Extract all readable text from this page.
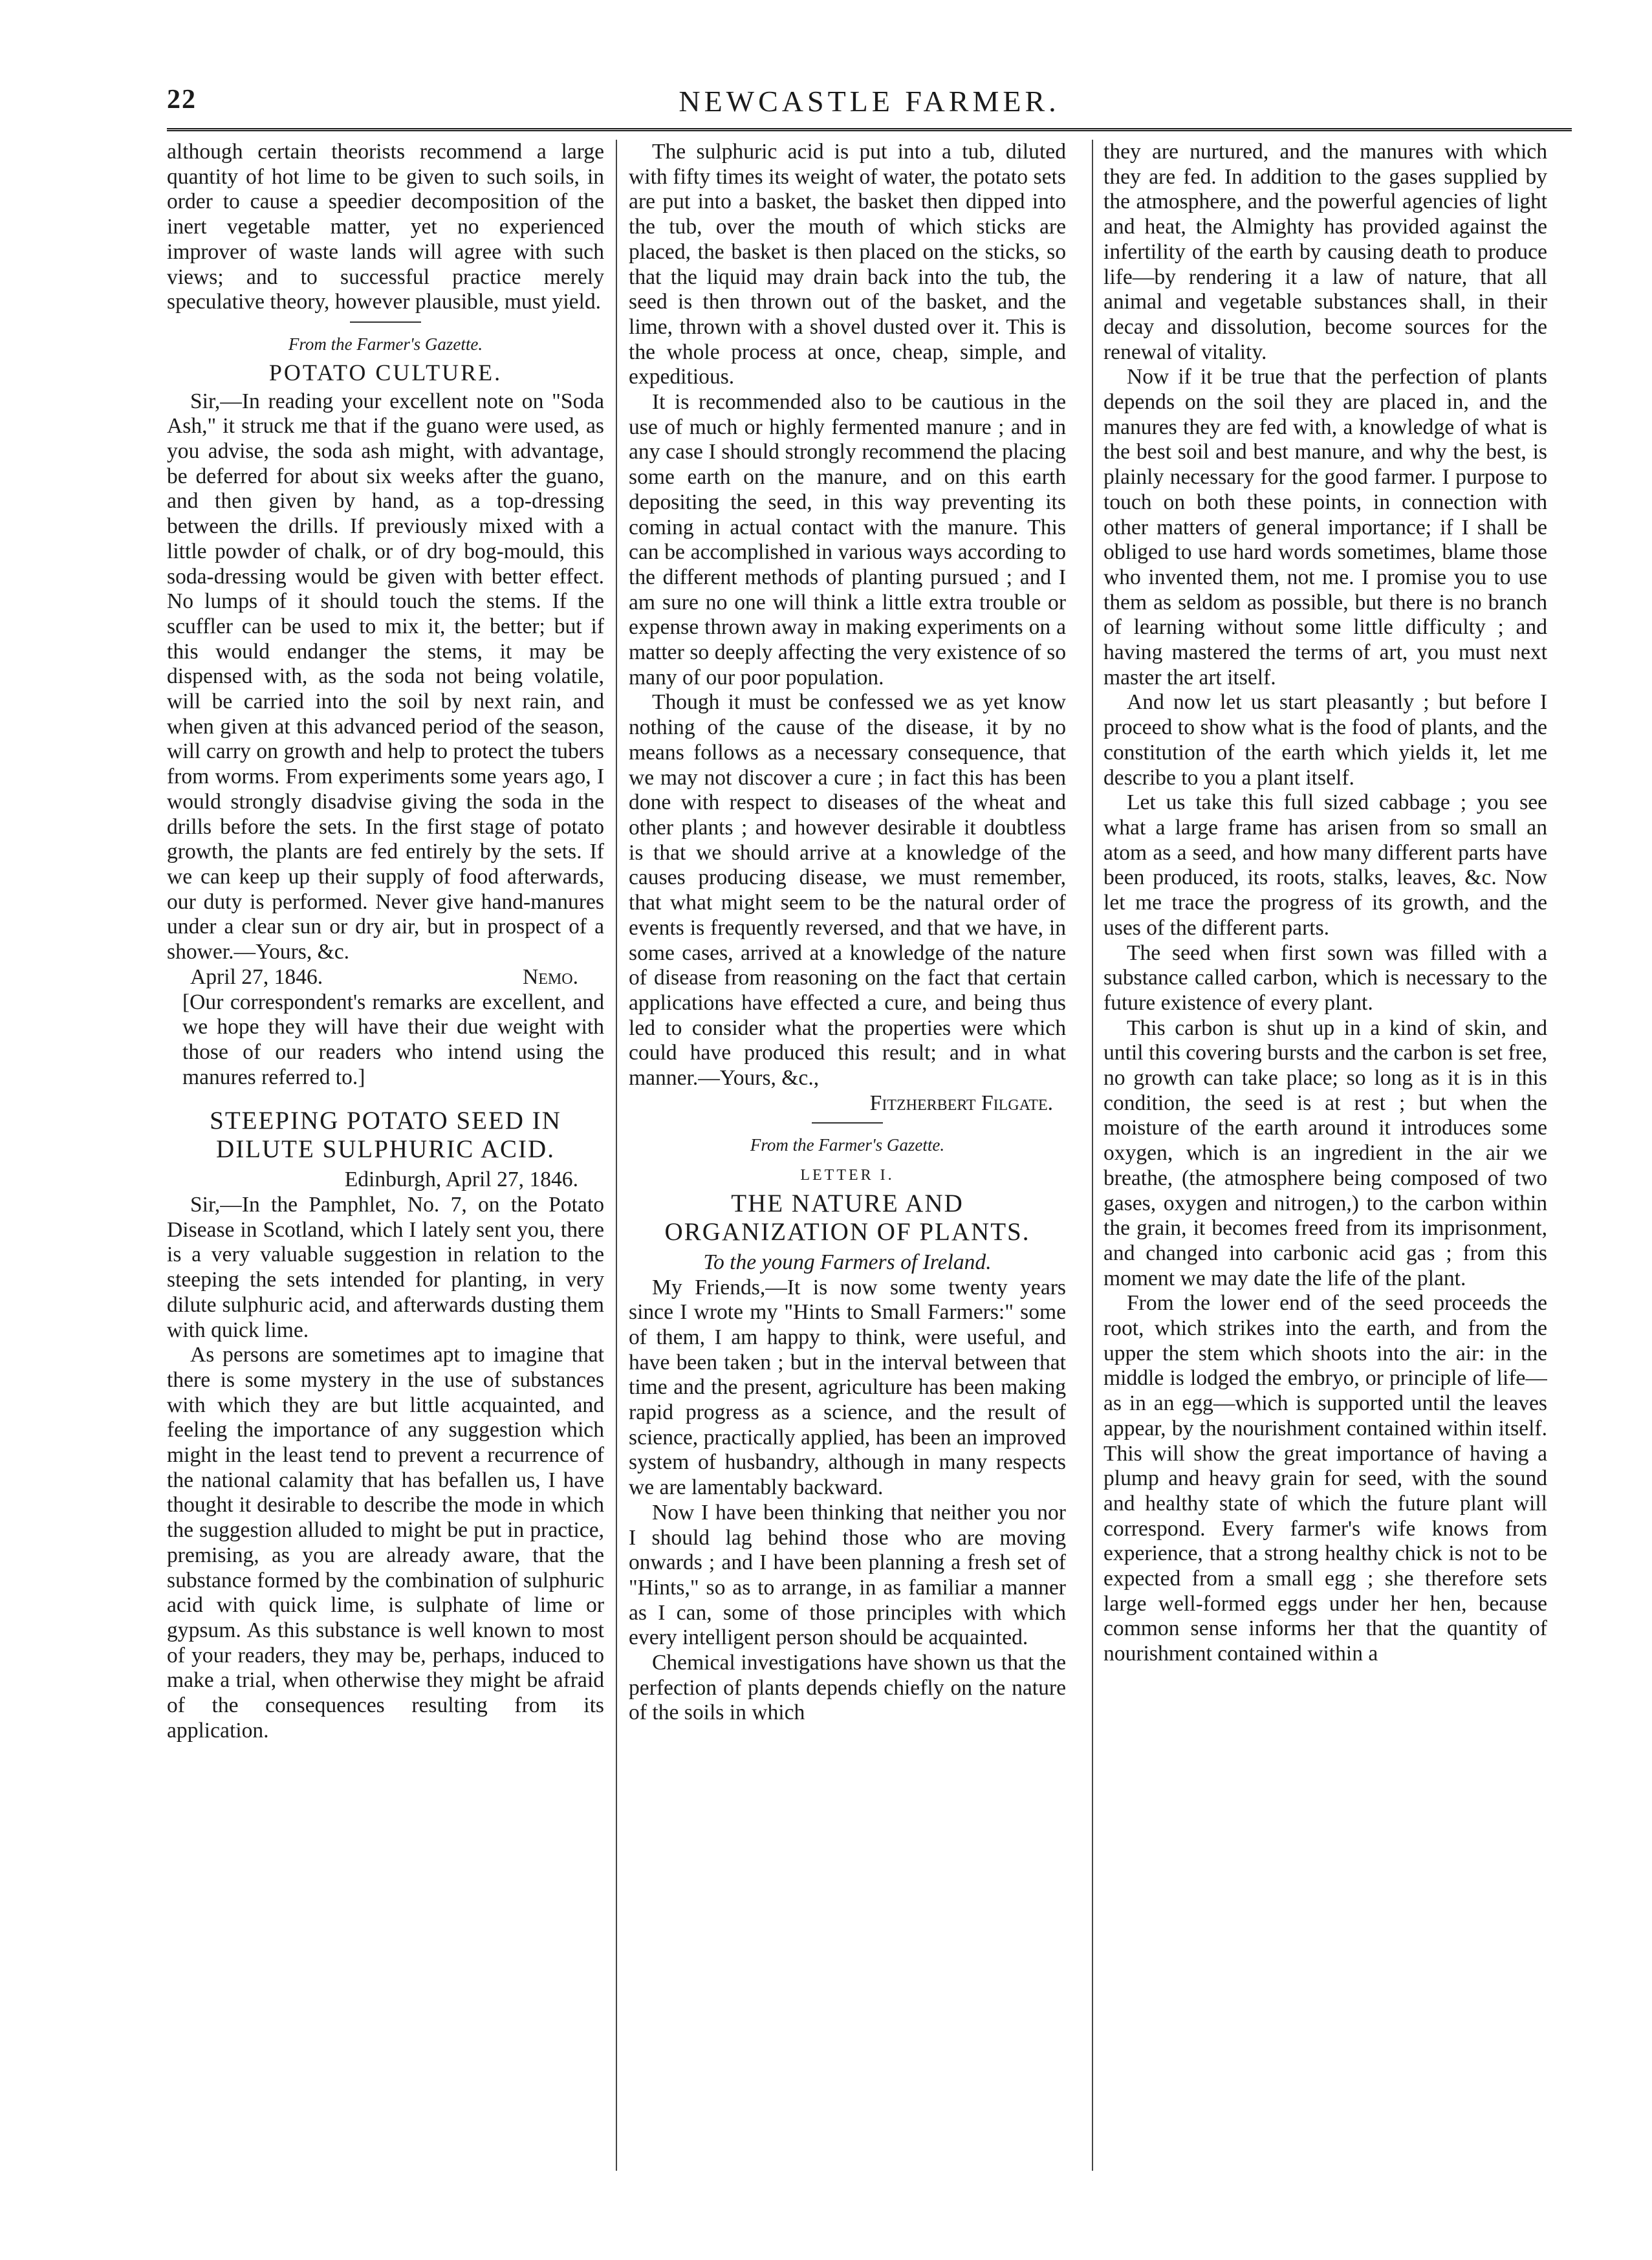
22	NEWCASTLE FARMER.

although certain theorists recommend a large quantity of hot lime to be given to such soils, in order to cause a speedier decomposition of the inert vegetable matter, yet no experienced improver of waste lands will agree with such views; and to successful practice merely speculative theory, however plausible, must yield.

From the Farmer's Gazette.

POTATO CULTURE.

Sir,—In reading your excellent note on "Soda Ash," it struck me that if the guano were used, as you advise, the soda ash might, with advantage, be deferred for about six weeks after the guano, and then given by hand, as a top-dressing between the drills. If previously mixed with a little powder of chalk, or of dry bog-mould, this soda-dressing would be given with better effect. No lumps of it should touch the stems. If the scuffler can be used to mix it, the better; but if this would endanger the stems, it may be dispensed with, as the soda not being volatile, will be carried into the soil by next rain, and when given at this advanced period of the season, will carry on growth and help to protect the tubers from worms. From experiments some years ago, I would strongly disadvise giving the soda in the drills before the sets. In the first stage of potato growth, the plants are fed entirely by the sets. If we can keep up their supply of food afterwards, our duty is performed. Never give hand-manures under a clear sun or dry air, but in prospect of a shower.—Yours, &c.

April 27, 1846.	Nemo.

[Our correspondent's remarks are excellent, and we hope they will have their due weight with those of our readers who intend using the manures referred to.]

STEEPING POTATO SEED IN DILUTE SULPHURIC ACID.

Edinburgh, April 27, 1846.

Sir,—In the Pamphlet, No. 7, on the Potato Disease in Scotland, which I lately sent you, there is a very valuable suggestion in relation to the steeping the sets intended for planting, in very dilute sulphuric acid, and afterwards dusting them with quick lime.

As persons are sometimes apt to imagine that there is some mystery in the use of substances with which they are but little acquainted, and feeling the importance of any suggestion which might in the least tend to prevent a recurrence of the national calamity that has befallen us, I have thought it desirable to describe the mode in which the suggestion alluded to might be put in practice, premising, as you are already aware, that the substance formed by the combination of sulphuric acid with quick lime, is sulphate of lime or gypsum. As this substance is well known to most of your readers, they may be, perhaps, induced to make a trial, when otherwise they might be afraid of the consequences resulting from its application.

The sulphuric acid is put into a tub, diluted with fifty times its weight of water, the potato sets are put into a basket, the basket then dipped into the tub, over the mouth of which sticks are placed, the basket is then placed on the sticks, so that the liquid may drain back into the tub, the seed is then thrown out of the basket, and the lime, thrown with a shovel dusted over it. This is the whole process at once, cheap, simple, and expeditious.

It is recommended also to be cautious in the use of much or highly fermented manure ; and in any case I should strongly recommend the placing some earth on the manure, and on this earth depositing the seed, in this way preventing its coming in actual contact with the manure. This can be accomplished in various ways according to the different methods of planting pursued ; and I am sure no one will think a little extra trouble or expense thrown away in making experiments on a matter so deeply affecting the very existence of so many of our poor population.

Though it must be confessed we as yet know nothing of the cause of the disease, it by no means follows as a necessary consequence, that we may not discover a cure ; in fact this has been done with respect to diseases of the wheat and other plants ; and however desirable it doubtless is that we should arrive at a knowledge of the causes producing disease, we must remember, that what might seem to be the natural order of events is frequently reversed, and that we have, in some cases, arrived at a knowledge of the nature of disease from reasoning on the fact that certain applications have effected a cure, and being thus led to consider what the properties were which could have produced this result; and in what manner.—Yours, &c.,

Fitzherbert Filgate.

From the Farmer's Gazette.

LETTER I.

THE NATURE AND ORGANIZATION OF PLANTS.

To the young Farmers of Ireland.

My Friends,—It is now some twenty years since I wrote my "Hints to Small Farmers:" some of them, I am happy to think, were useful, and have been taken ; but in the interval between that time and the present, agriculture has been making rapid progress as a science, and the result of science, practically applied, has been an improved system of husbandry, although in many respects we are lamentably backward.

Now I have been thinking that neither you nor I should lag behind those who are moving onwards ; and I have been planning a fresh set of "Hints," so as to arrange, in as familiar a manner as I can, some of those principles with which every intelligent person should be acquainted.

Chemical investigations have shown us that the perfection of plants depends chiefly on the nature of the soils in which

they are nurtured, and the manures with which they are fed. In addition to the gases supplied by the atmosphere, and the powerful agencies of light and heat, the Almighty has provided against the infertility of the earth by causing death to produce life—by rendering it a law of nature, that all animal and vegetable substances shall, in their decay and dissolution, become sources for the renewal of vitality.

Now if it be true that the perfection of plants depends on the soil they are placed in, and the manures they are fed with, a knowledge of what is the best soil and best manure, and why the best, is plainly necessary for the good farmer. I purpose to touch on both these points, in connection with other matters of general importance; if I shall be obliged to use hard words sometimes, blame those who invented them, not me. I promise you to use them as seldom as possible, but there is no branch of learning without some little difficulty ; and having mastered the terms of art, you must next master the art itself.

And now let us start pleasantly ; but before I proceed to show what is the food of plants, and the constitution of the earth which yields it, let me describe to you a plant itself.

Let us take this full sized cabbage ; you see what a large frame has arisen from so small an atom as a seed, and how many different parts have been produced, its roots, stalks, leaves, &c. Now let me trace the progress of its growth, and the uses of the different parts.

The seed when first sown was filled with a substance called carbon, which is necessary to the future existence of every plant.

This carbon is shut up in a kind of skin, and until this covering bursts and the carbon is set free, no growth can take place; so long as it is in this condition, the seed is at rest ; but when the moisture of the earth around it introduces some oxygen, which is an ingredient in the air we breathe, (the atmosphere being composed of two gases, oxygen and nitrogen,) to the carbon within the grain, it becomes freed from its imprisonment, and changed into carbonic acid gas ; from this moment we may date the life of the plant.

From the lower end of the seed proceeds the root, which strikes into the earth, and from the upper the stem which shoots into the air: in the middle is lodged the embryo, or principle of life—as in an egg—which is supported until the leaves appear, by the nourishment contained within itself. This will show the great importance of having a plump and heavy grain for seed, with the sound and healthy state of which the future plant will correspond. Every farmer's wife knows from experience, that a strong healthy chick is not to be expected from a small egg ; she therefore sets large well-formed eggs under her hen, because common sense informs her that the quantity of nourishment contained within a
